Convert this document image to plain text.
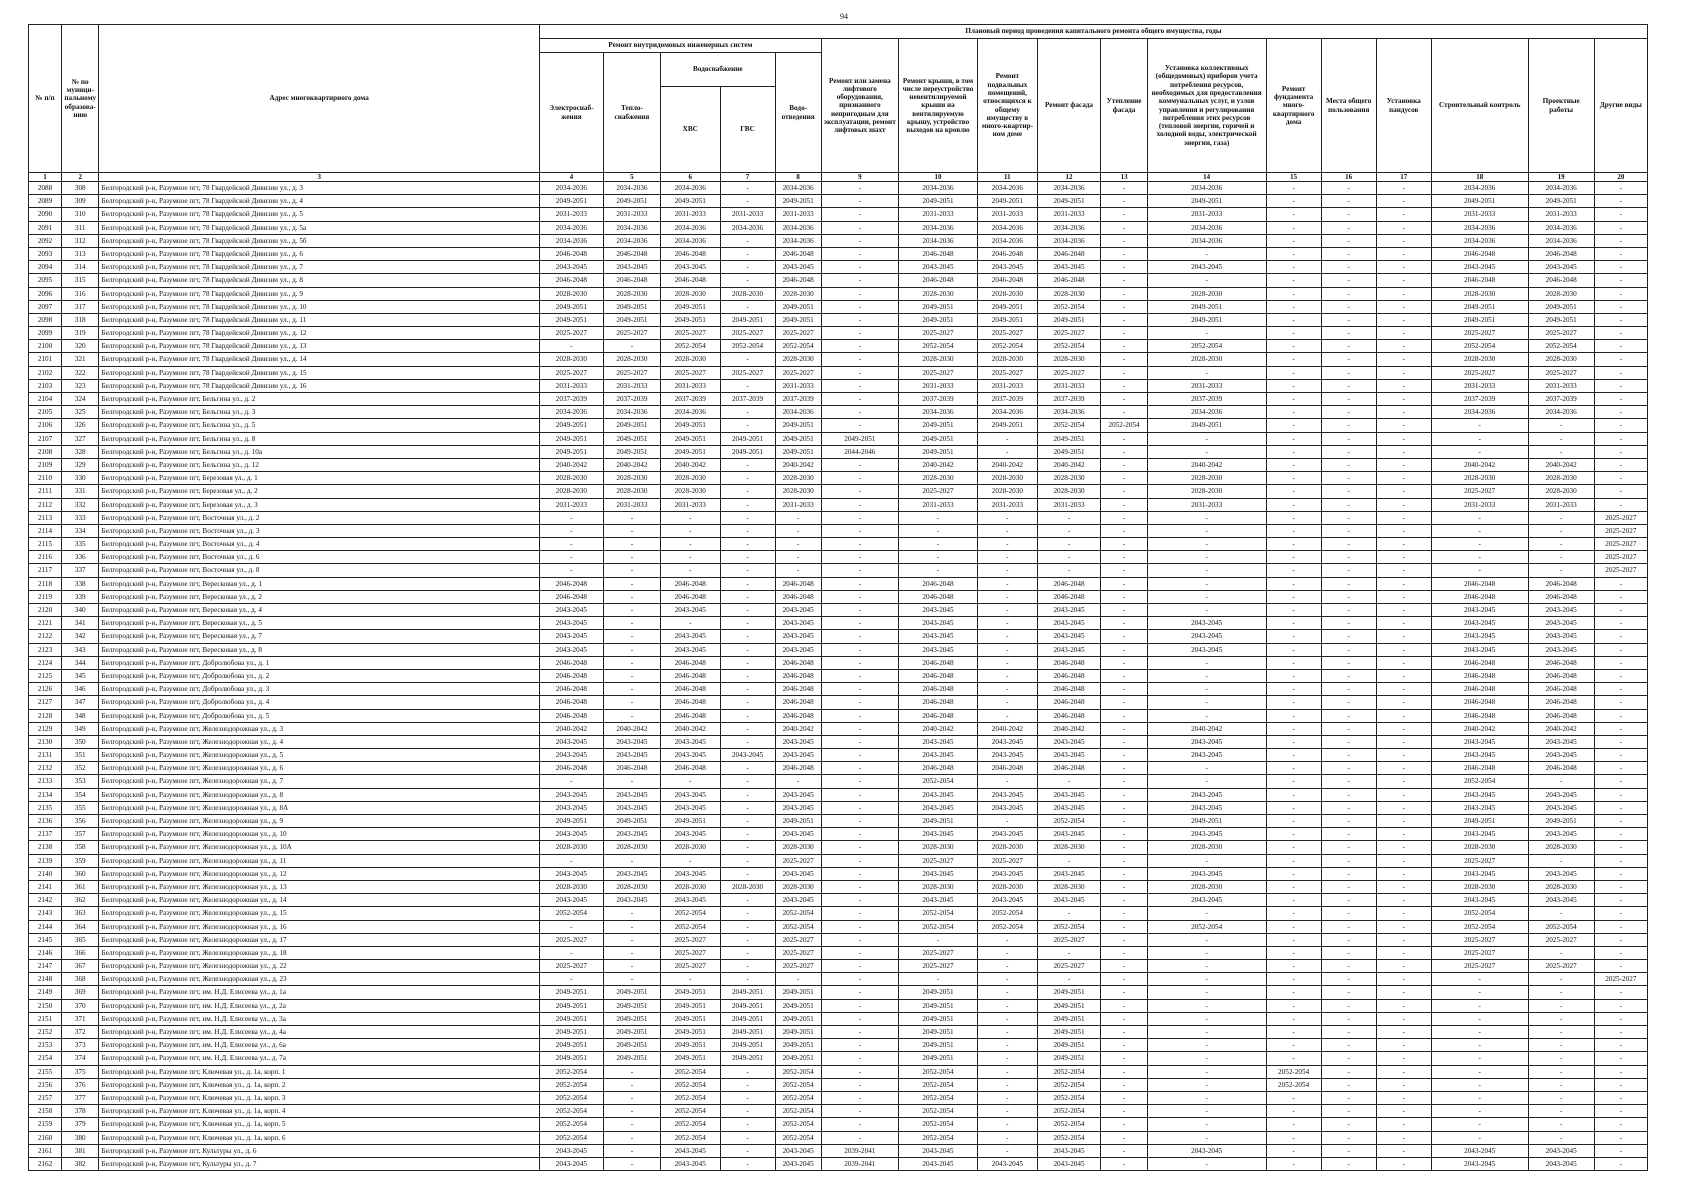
94
№ п/п	№ по муници-пальному образова-нию	Адрес многоквартирного дома	Плановый период проведения капитального ремонта общего имущества, годы																
			Ремонт внутридомовых инженерных систем					Ремонт или замена лифтового оборудования, признанного непригодным для эксплуатации, ремонт лифтовых шахт	Ремонт крыши, в том числе переустройство невентилируемой крыши на вентилируемую крышу, устройство выходов на кровлю	Ремонт подвальных помещений, относящихся к общему имуществу в много-квартир-ном доме	Ремонт фасада	Утепление фасада	Установка коллективных (общедомовых) приборов учета потребления ресурсов, необходимых для предоставления коммунальных услуг, и узлов управления и регулирования потребления этих ресурсов (тепловой энергии, горячей и холодной воды, электрической энергии, газа)	Ремонт фундамента много-квартирного дома	Места общего пользования	Установка пандусов	Строительный контроль	Проектные работы	Другие виды
			Электроснаб-жения	Тепло-снабжения	Водоснабжение		Водо-отведения												
					ХВС	ГВС													
1	2	3	4	5	6	7	8	9	10	11	12	13	14	15	16	17	18	19	20
2088	308	Белгородский р-н, Разумное пгт, 78 Гвардейской Дивизии ул., д. 3	2034-2036	2034-2036	2034-2036	-	2034-2036	-	2034-2036	2034-2036	2034-2036	-	2034-2036	-	-	-	2034-2036	2034-2036	-
2089	309	Белгородский р-н, Разумное пгт, 78 Гвардейской Дивизии ул., д. 4	2049-2051	2049-2051	2049-2051	-	2049-2051	-	2049-2051	2049-2051	2049-2051	-	2049-2051	-	-	-	2049-2051	2049-2051	-
2090	310	Белгородский р-н, Разумное пгт, 78 Гвардейской Дивизии ул., д. 5	2031-2033	2031-2033	2031-2033	2031-2033	2031-2033	-	2031-2033	2031-2033	2031-2033	-	2031-2033	-	-	-	2031-2033	2031-2033	-
2091	311	Белгородский р-н, Разумное пгт, 78 Гвардейской Дивизии ул., д. 5а	2034-2036	2034-2036	2034-2036	2034-2036	2034-2036	-	2034-2036	2034-2036	2034-2036	-	2034-2036	-	-	-	2034-2036	2034-2036	-
2092	312	Белгородский р-н, Разумное пгт, 78 Гвардейской Дивизии ул., д. 5б	2034-2036	2034-2036	2034-2036	-	2034-2036	-	2034-2036	2034-2036	2034-2036	-	2034-2036	-	-	-	2034-2036	2034-2036	-
2093	313	Белгородский р-н, Разумное пгт, 78 Гвардейской Дивизии ул., д. 6	2046-2048	2046-2048	2046-2048	-	2046-2048	-	2046-2048	2046-2048	2046-2048	-	-	-	-	-	2046-2048	2046-2048	-
2094	314	Белгородский р-н, Разумное пгт, 78 Гвардейской Дивизии ул., д. 7	2043-2045	2043-2045	2043-2045	-	2043-2045	-	2043-2045	2043-2045	2043-2045	-	2043-2045	-	-	-	2043-2045	2043-2045	-
2095	315	Белгородский р-н, Разумное пгт, 78 Гвардейской Дивизии ул., д. 8	2046-2048	2046-2048	2046-2048	-	2046-2048	-	2046-2048	2046-2048	2046-2048	-	-	-	-	-	2046-2048	2046-2048	-
2096	316	Белгородский р-н, Разумное пгт, 78 Гвардейской Дивизии ул., д. 9	2028-2030	2028-2030	2028-2030	2028-2030	2028-2030	-	2028-2030	2028-2030	2028-2030	-	2028-2030	-	-	-	2028-2030	2028-2030	-
2097	317	Белгородский р-н, Разумное пгт, 78 Гвардейской Дивизии ул., д. 10	2049-2051	2049-2051	2049-2051	-	2049-2051	-	2049-2051	2049-2051	2052-2054	-	2049-2051	-	-	-	2049-2051	2049-2051	-
2098	318	Белгородский р-н, Разумное пгт, 78 Гвардейской Дивизии ул., д. 11	2049-2051	2049-2051	2049-2051	2049-2051	2049-2051	-	2049-2051	2049-2051	2049-2051	-	2049-2051	-	-	-	2049-2051	2049-2051	-
2099	319	Белгородский р-н, Разумное пгт, 78 Гвардейской Дивизии ул., д. 12	2025-2027	2025-2027	2025-2027	2025-2027	2025-2027	-	2025-2027	2025-2027	2025-2027	-	-	-	-	-	2025-2027	2025-2027	-
2100	320	Белгородский р-н, Разумное пгт, 78 Гвардейской Дивизии ул., д. 13	-	-	2052-2054	2052-2054	2052-2054	-	2052-2054	2052-2054	2052-2054	-	2052-2054	-	-	-	2052-2054	2052-2054	-
2101	321	Белгородский р-н, Разумное пгт, 78 Гвардейской Дивизии ул., д. 14	2028-2030	2028-2030	2028-2030	-	2028-2030	-	2028-2030	2028-2030	2028-2030	-	2028-2030	-	-	-	2028-2030	2028-2030	-
2102	322	Белгородский р-н, Разумное пгт, 78 Гвардейской Дивизии ул., д. 15	2025-2027	2025-2027	2025-2027	2025-2027	2025-2027	-	2025-2027	2025-2027	2025-2027	-	-	-	-	-	2025-2027	2025-2027	-
2103	323	Белгородский р-н, Разумное пгт, 78 Гвардейской Дивизии ул., д. 16	2031-2033	2031-2033	2031-2033	-	2031-2033	-	2031-2033	2031-2033	2031-2033	-	2031-2033	-	-	-	2031-2033	2031-2033	-
2104	324	Белгородский р-н, Разумное пгт, Бельгина ул., д. 2	2037-2039	2037-2039	2037-2039	2037-2039	2037-2039	-	2037-2039	2037-2039	2037-2039	-	2037-2039	-	-	-	2037-2039	2037-2039	-
2105	325	Белгородский р-н, Разумное пгт, Бельгина ул., д. 3	2034-2036	2034-2036	2034-2036	-	2034-2036	-	2034-2036	2034-2036	2034-2036	-	2034-2036	-	-	-	2034-2036	2034-2036	-
2106	326	Белгородский р-н, Разумное пгт, Бельгина ул., д. 5	2049-2051	2049-2051	2049-2051	-	2049-2051	-	2049-2051	2049-2051	2052-2054	2052-2054	2049-2051	-	-	-	-	-	-
2107	327	Белгородский р-н, Разумное пгт, Бельгина ул., д. 8	2049-2051	2049-2051	2049-2051	2049-2051	2049-2051	2049-2051	2049-2051	-	2049-2051	-	-	-	-	-	-	-	-
2108	328	Белгородский р-н, Разумное пгт, Бельгина ул., д. 10а	2049-2051	2049-2051	2049-2051	2049-2051	2049-2051	2044-2046	2049-2051	-	2049-2051	-	-	-	-	-	-	-	-
2109	329	Белгородский р-н, Разумное пгт, Бельгина ул., д. 12	2040-2042	2040-2042	2040-2042	-	2040-2042	-	2040-2042	2040-2042	2040-2042	-	2040-2042	-	-	-	2040-2042	2040-2042	-
2110	330	Белгородский р-н, Разумное пгт, Березовая ул., д. 1	2028-2030	2028-2030	2028-2030	-	2028-2030	-	2028-2030	2028-2030	2028-2030	-	2028-2030	-	-	-	2028-2030	2028-2030	-
2111	331	Белгородский р-н, Разумное пгт, Березовая ул., д. 2	2028-2030	2028-2030	2028-2030	-	2028-2030	-	2025-2027	2028-2030	2028-2030	-	2028-2030	-	-	-	2025-2027	2028-2030	-
2112	332	Белгородский р-н, Разумное пгт, Березовая ул., д. 3	2031-2033	2031-2033	2031-2033	-	2031-2033	-	2031-2033	2031-2033	2031-2033	-	2031-2033	-	-	-	2031-2033	2031-2033	-
2113	333	Белгородский р-н, Разумное пгт, Восточная ул., д. 2	-	-	-	-	-	-	-	-	-	-	-	-	-	-	-	-	2025-2027
2114	334	Белгородский р-н, Разумное пгт, Восточная ул., д. 3	-	-	-	-	-	-	-	-	-	-	-	-	-	-	-	-	2025-2027
2115	335	Белгородский р-н, Разумное пгт, Восточная ул., д. 4	-	-	-	-	-	-	-	-	-	-	-	-	-	-	-	-	2025-2027
2116	336	Белгородский р-н, Разумное пгт, Восточная ул., д. 6	-	-	-	-	-	-	-	-	-	-	-	-	-	-	-	-	2025-2027
2117	337	Белгородский р-н, Разумное пгт, Восточная ул., д. 8	-	-	-	-	-	-	-	-	-	-	-	-	-	-	-	-	2025-2027
2118	338	Белгородский р-н, Разумное пгт, Вересковая ул., д. 1	2046-2048	-	2046-2048	-	2046-2048	-	2046-2048	-	2046-2048	-	-	-	-	-	2046-2048	2046-2048	-
2119	339	Белгородский р-н, Разумное пгт, Вересковая ул., д. 2	2046-2048	-	2046-2048	-	2046-2048	-	2046-2048	-	2046-2048	-	-	-	-	-	2046-2048	2046-2048	-
2120	340	Белгородский р-н, Разумное пгт, Вересковая ул., д. 4	2043-2045	-	2043-2045	-	2043-2045	-	2043-2045	-	2043-2045	-	-	-	-	-	2043-2045	2043-2045	-
2121	341	Белгородский р-н, Разумное пгт, Вересковая ул., д. 5	2043-2045	-	-	-	2043-2045	-	2043-2045	-	2043-2045	-	2043-2045	-	-	-	2043-2045	2043-2045	-
2122	342	Белгородский р-н, Разумное пгт, Вересковая ул., д. 7	2043-2045	-	2043-2045	-	2043-2045	-	2043-2045	-	2043-2045	-	2043-2045	-	-	-	2043-2045	2043-2045	-
2123	343	Белгородский р-н, Разумное пгт, Вересковая ул., д. 8	2043-2045	-	2043-2045	-	2043-2045	-	2043-2045	-	2043-2045	-	2043-2045	-	-	-	2043-2045	2043-2045	-
2124	344	Белгородский р-н, Разумное пгт, Добролюбова ул., д. 1	2046-2048	-	2046-2048	-	2046-2048	-	2046-2048	-	2046-2048	-	-	-	-	-	2046-2048	2046-2048	-
2125	345	Белгородский р-н, Разумное пгт, Добролюбова ул., д. 2	2046-2048	-	2046-2048	-	2046-2048	-	2046-2048	-	2046-2048	-	-	-	-	-	2046-2048	2046-2048	-
2126	346	Белгородский р-н, Разумное пгт, Добролюбова ул., д. 3	2046-2048	-	2046-2048	-	2046-2048	-	2046-2048	-	2046-2048	-	-	-	-	-	2046-2048	2046-2048	-
2127	347	Белгородский р-н, Разумное пгт, Добролюбова ул., д. 4	2046-2048	-	2046-2048	-	2046-2048	-	2046-2048	-	2046-2048	-	-	-	-	-	2046-2048	2046-2048	-
2128	348	Белгородский р-н, Разумное пгт, Добролюбова ул., д. 5	2046-2048	-	2046-2048	-	2046-2048	-	2046-2048	-	2046-2048	-	-	-	-	-	2046-2048	2046-2048	-
2129	349	Белгородский р-н, Разумное пгт, Железнодорожная ул., д. 3	2040-2042	2040-2042	2040-2042	-	2040-2042	-	2040-2042	2040-2042	2040-2042	-	2040-2042	-	-	-	2040-2042	2040-2042	-
2130	350	Белгородский р-н, Разумное пгт, Железнодорожная ул., д. 4	2043-2045	2043-2045	2043-2045	-	2043-2045	-	2043-2045	2043-2045	2043-2045	-	2043-2045	-	-	-	2043-2045	2043-2045	-
2131	351	Белгородский р-н, Разумное пгт, Железнодорожная ул., д. 5	2043-2045	2043-2045	2043-2045	2043-2045	2043-2045	-	2043-2045	2043-2045	2043-2045	-	2043-2045	-	-	-	2043-2045	2043-2045	-
2132	352	Белгородский р-н, Разумное пгт, Железнодорожная ул., д. 6	2046-2048	2046-2048	2046-2048	-	2046-2048	-	2046-2048	2046-2048	2046-2048	-	-	-	-	-	2046-2048	2046-2048	-
2133	353	Белгородский р-н, Разумное пгт, Железнодорожная ул., д. 7	-	-	-	-	-	-	2052-2054	-	-	-	-	-	-	-	2052-2054	-	-
2134	354	Белгородский р-н, Разумное пгт, Железнодорожная ул., д. 8	2043-2045	2043-2045	2043-2045	-	2043-2045	-	2043-2045	2043-2045	2043-2045	-	2043-2045	-	-	-	2043-2045	2043-2045	-
2135	355	Белгородский р-н, Разумное пгт, Железнодорожная ул., д. 8А	2043-2045	2043-2045	2043-2045	-	2043-2045	-	2043-2045	2043-2045	2043-2045	-	2043-2045	-	-	-	2043-2045	2043-2045	-
2136	356	Белгородский р-н, Разумное пгт, Железнодорожная ул., д. 9	2049-2051	2049-2051	2049-2051	-	2049-2051	-	2049-2051	-	2052-2054	-	2049-2051	-	-	-	2049-2051	2049-2051	-
2137	357	Белгородский р-н, Разумное пгт, Железнодорожная ул., д. 10	2043-2045	2043-2045	2043-2045	-	2043-2045	-	2043-2045	2043-2045	2043-2045	-	2043-2045	-	-	-	2043-2045	2043-2045	-
2138	358	Белгородский р-н, Разумное пгт, Железнодорожная ул., д. 10А	2028-2030	2028-2030	2028-2030	-	2028-2030	-	2028-2030	2028-2030	2028-2030	-	2028-2030	-	-	-	2028-2030	2028-2030	-
2139	359	Белгородский р-н, Разумное пгт, Железнодорожная ул., д. 11	-	-	-	-	2025-2027	-	2025-2027	2025-2027	-	-	-	-	-	-	2025-2027	-	-
2140	360	Белгородский р-н, Разумное пгт, Железнодорожная ул., д. 12	2043-2045	2043-2045	2043-2045	-	2043-2045	-	2043-2045	2043-2045	2043-2045	-	2043-2045	-	-	-	2043-2045	2043-2045	-
2141	361	Белгородский р-н, Разумное пгт, Железнодорожная ул., д. 13	2028-2030	2028-2030	2028-2030	2028-2030	2028-2030	-	2028-2030	2028-2030	2028-2030	-	2028-2030	-	-	-	2028-2030	2028-2030	-
2142	362	Белгородский р-н, Разумное пгт, Железнодорожная ул., д. 14	2043-2045	2043-2045	2043-2045	-	2043-2045	-	2043-2045	2043-2045	2043-2045	-	2043-2045	-	-	-	2043-2045	2043-2045	-
2143	363	Белгородский р-н, Разумное пгт, Железнодорожная ул., д. 15	2052-2054	-	2052-2054	-	2052-2054	-	2052-2054	2052-2054	-	-	-	-	-	-	2052-2054	-	-
2144	364	Белгородский р-н, Разумное пгт, Железнодорожная ул., д. 16	-	-	2052-2054	-	2052-2054	-	2052-2054	2052-2054	2052-2054	-	2052-2054	-	-	-	2052-2054	2052-2054	-
2145	365	Белгородский р-н, Разумное пгт, Железнодорожная ул., д. 17	2025-2027	-	2025-2027	-	2025-2027	-	-	-	2025-2027	-	-	-	-	-	2025-2027	2025-2027	-
2146	366	Белгородский р-н, Разумное пгт, Железнодорожная ул., д. 18	-	-	2025-2027	-	2025-2027	-	2025-2027	-	-	-	-	-	-	-	2025-2027	-	-
2147	367	Белгородский р-н, Разумное пгт, Железнодорожная ул., д. 22	2025-2027	-	2025-2027	-	2025-2027	-	2025-2027	-	2025-2027	-	-	-	-	-	2025-2027	2025-2027	-
2148	368	Белгородский р-н, Разумное пгт, Железнодорожная ул., д. 23	-	-	-	-	-	-	-	-	-	-	-	-	-	-	-	-	2025-2027
2149	369	Белгородский р-н, Разумное пгт, им. Н.Д. Елисеева ул., д. 1а	2049-2051	2049-2051	2049-2051	2049-2051	2049-2051	-	2049-2051	-	2049-2051	-	-	-	-	-	-	-	-
2150	370	Белгородский р-н, Разумное пгт, им. Н.Д. Елисеева ул., д. 2а	2049-2051	2049-2051	2049-2051	2049-2051	2049-2051	-	2049-2051	-	2049-2051	-	-	-	-	-	-	-	-
2151	371	Белгородский р-н, Разумное пгт, им. Н.Д. Елисеева ул., д. 3а	2049-2051	2049-2051	2049-2051	2049-2051	2049-2051	-	2049-2051	-	2049-2051	-	-	-	-	-	-	-	-
2152	372	Белгородский р-н, Разумное пгт, им. Н.Д. Елисеева ул., д. 4а	2049-2051	2049-2051	2049-2051	2049-2051	2049-2051	-	2049-2051	-	2049-2051	-	-	-	-	-	-	-	-
2153	373	Белгородский р-н, Разумное пгт, им. Н.Д. Елисеева ул., д. 6а	2049-2051	2049-2051	2049-2051	2049-2051	2049-2051	-	2049-2051	-	2049-2051	-	-	-	-	-	-	-	-
2154	374	Белгородский р-н, Разумное пгт, им. Н.Д. Елисеева ул., д. 7а	2049-2051	2049-2051	2049-2051	2049-2051	2049-2051	-	2049-2051	-	2049-2051	-	-	-	-	-	-	-	-
2155	375	Белгородский р-н, Разумное пгт, Ключевая ул., д. 1а, корп. 1	2052-2054	-	2052-2054	-	2052-2054	-	2052-2054	-	2052-2054	-	-	2052-2054	-	-	-	-	-
2156	376	Белгородский р-н, Разумное пгт, Ключевая ул., д. 1а, корп. 2	2052-2054	-	2052-2054	-	2052-2054	-	2052-2054	-	2052-2054	-	-	2052-2054	-	-	-	-	-
2157	377	Белгородский р-н, Разумное пгт, Ключевая ул., д. 1а, корп. 3	2052-2054	-	2052-2054	-	2052-2054	-	2052-2054	-	2052-2054	-	-	-	-	-	-	-	-
2158	378	Белгородский р-н, Разумное пгт, Ключевая ул., д. 1а, корп. 4	2052-2054	-	2052-2054	-	2052-2054	-	2052-2054	-	2052-2054	-	-	-	-	-	-	-	-
2159	379	Белгородский р-н, Разумное пгт, Ключевая ул., д. 1а, корп. 5	2052-2054	-	2052-2054	-	2052-2054	-	2052-2054	-	2052-2054	-	-	-	-	-	-	-	-
2160	380	Белгородский р-н, Разумное пгт, Ключевая ул., д. 1а, корп. 6	2052-2054	-	2052-2054	-	2052-2054	-	2052-2054	-	2052-2054	-	-	-	-	-	-	-	-
2161	381	Белгородский р-н, Разумное пгт, Культуры ул., д. 6	2043-2045	-	2043-2045	-	2043-2045	2039-2041	2043-2045	-	2043-2045	-	2043-2045	-	-	-	2043-2045	2043-2045	-
2162	382	Белгородский р-н, Разумное пгт, Культуры ул., д. 7	2043-2045	-	2043-2045	-	2043-2045	2039-2041	2043-2045	2043-2045	2043-2045	-	-	-	-	-	2043-2045	2043-2045	-
